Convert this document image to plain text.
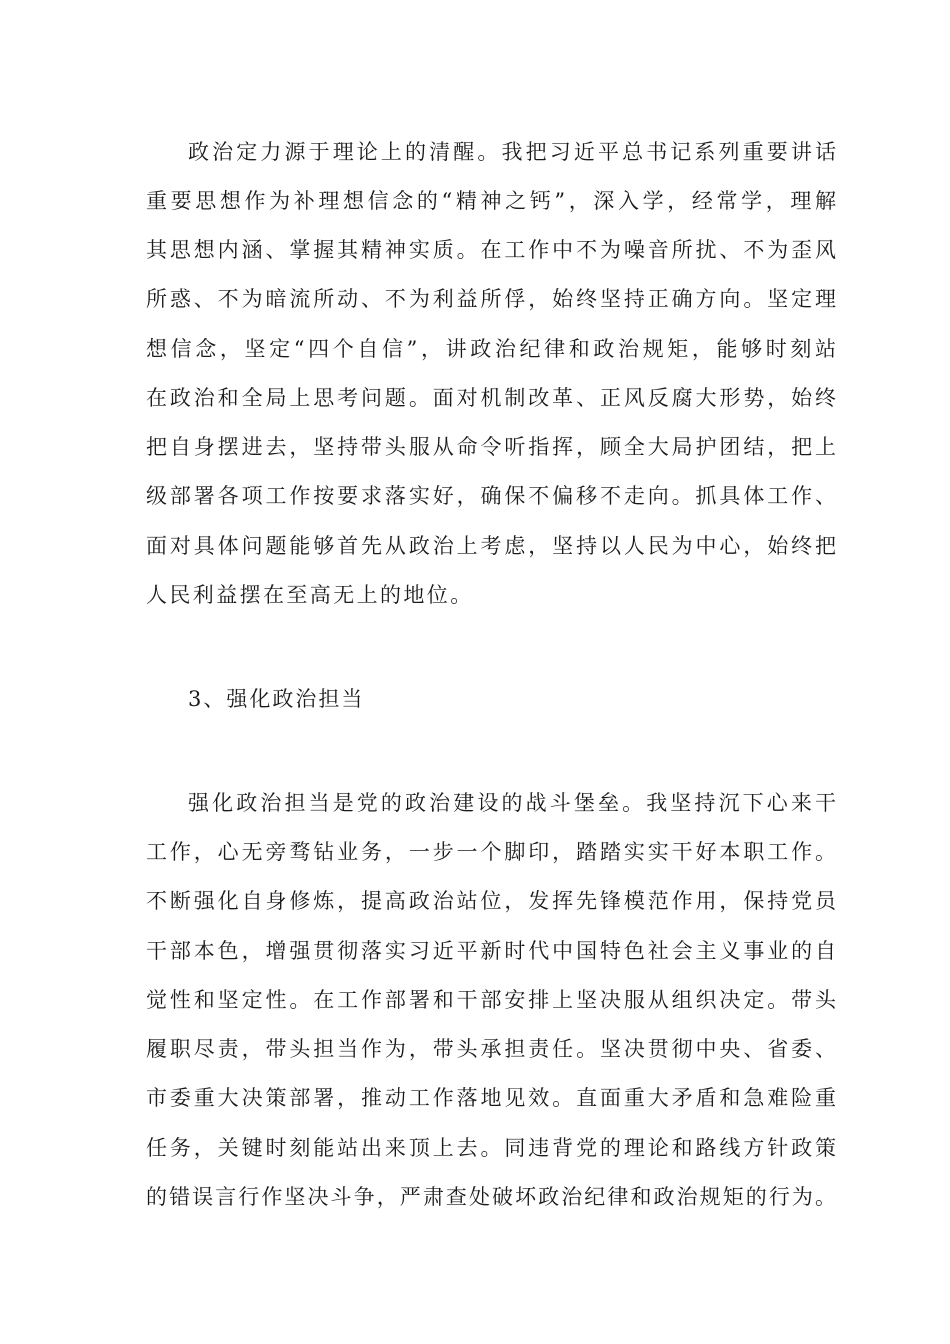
政治定力源于理论上的清醒。我把习近平总书记系列重要讲话
重要思想作为补理想信念的“精神之钙”，深入学，经常学，理解
其思想内涵、掌握其精神实质。在工作中不为噪音所扰、不为歪风
所惑、不为暗流所动、不为利益所俘，始终坚持正确方向。坚定理
想信念，坚定“四个自信”，讲政治纪律和政治规矩，能够时刻站
在政治和全局上思考问题。面对机制改革、正风反腐大形势，始终
把自身摆进去，坚持带头服从命令听指挥，顾全大局护团结，把上
级部署各项工作按要求落实好，确保不偏移不走向。抓具体工作、
面对具体问题能够首先从政治上考虑，坚持以人民为中心，始终把
人民利益摆在至高无上的地位。
3、强化政治担当
强化政治担当是党的政治建设的战斗堡垒。我坚持沉下心来干
工作，心无旁骛钻业务，一步一个脚印，踏踏实实干好本职工作。
不断强化自身修炼，提高政治站位，发挥先锋模范作用，保持党员
干部本色，增强贯彻落实习近平新时代中国特色社会主义事业的自
觉性和坚定性。在工作部署和干部安排上坚决服从组织决定。带头
履职尽责，带头担当作为，带头承担责任。坚决贯彻中央、省委、
市委重大决策部署，推动工作落地见效。直面重大矛盾和急难险重
任务，关键时刻能站出来顶上去。同违背党的理论和路线方针政策
的错误言行作坚决斗争，严肃查处破坏政治纪律和政治规矩的行为。
